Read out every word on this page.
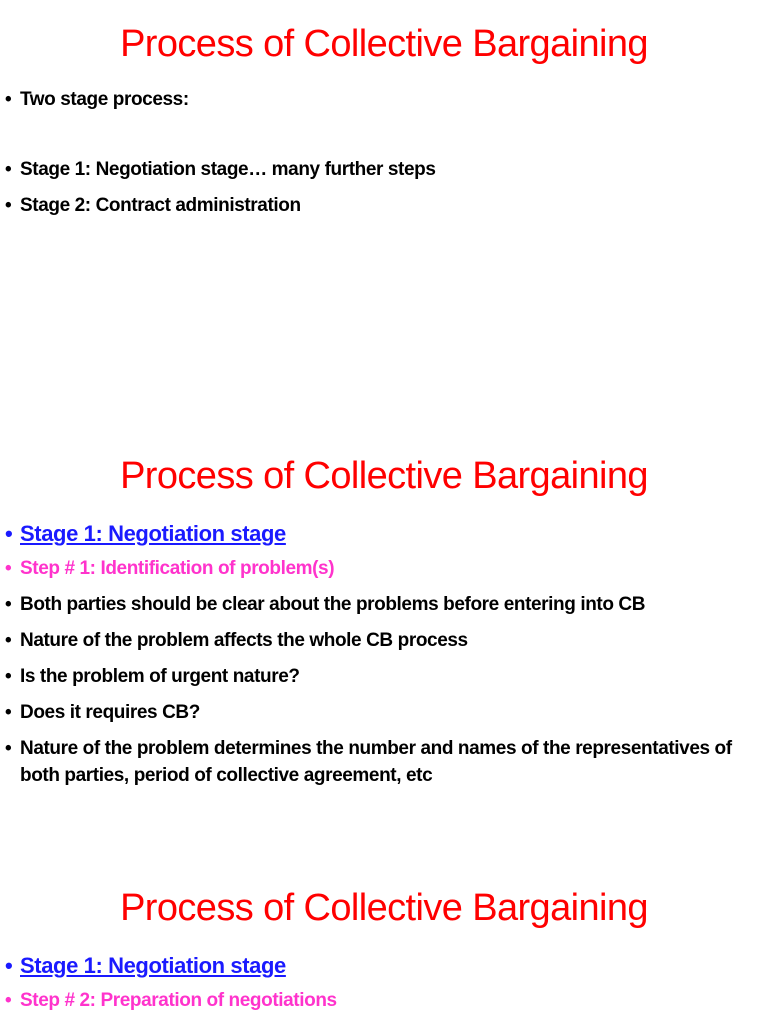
Process of Collective Bargaining
• Two stage process:
• Stage 1: Negotiation stage… many further steps
• Stage 2: Contract administration
Process of Collective Bargaining
• Stage 1: Negotiation stage
• Step # 1: Identification of problem(s)
• Both parties should be clear about the problems before entering into CB
• Nature of the problem affects the whole CB process
• Is the problem of urgent nature?
• Does it requires CB?
• Nature of the problem determines the number and names of the representatives of both parties, period of collective agreement, etc
Process of Collective Bargaining
• Stage 1: Negotiation stage
• Step # 2: Preparation of negotiations
